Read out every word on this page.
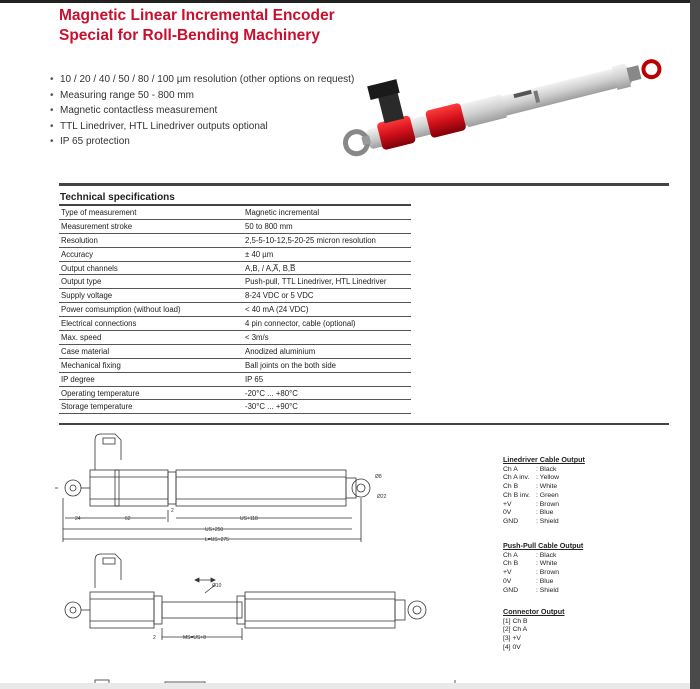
Magnetic Linear Incremental Encoder
Special for Roll-Bending Machinery
• 10 / 20 / 40 / 50 / 80 / 100 µm resolution (other options on request)
• Measuring range 50 - 800 mm
• Magnetic contactless measurement
• TTL Linedriver, HTL Linedriver outputs optional
• IP 65 protection
Technical specifications
Type of measurement	Magnetic incremental
Measurement stroke	50 to 800 mm
Resolution	2,5-5-10-12,5-20-25 micron resolution
Accuracy	± 40 µm
Output channels	A,B, / A,A̅, B,B̅
Output type	Push-pull, TTL Linedriver, HTL Linedriver
Supply voltage	8-24 VDC or 5 VDC
Power comsumption (without load)	< 40 mA (24 VDC)
Electrical connections	4 pin connector, cable (optional)
Max. speed	< 3m/s
Case material	Anodized aluminium
Mechanical fixing	Ball joints on the both side
IP degree	IP 65
Operating temperature	-20°C ... +80°C
Storage temperature	-30°C ... +90°C
24	62
2
US+118
US+250
L=US+275
Ø8
Ø22
Ø10
MS=US+8
2
Linedriver Cable Output
Ch A	: Black
Ch A inv. : Yellow
Ch B	: White
Ch B inv. : Green
+V	: Brown
0V	: Blue
GND	: Shield
Push-Pull Cable Output
Ch A	: Black
Ch B	: White
+V	: Brown
0V	: Blue
GND	: Shield
Connector Output
[1] Ch B
[2] Ch A
[3] +V
[4] 0V
